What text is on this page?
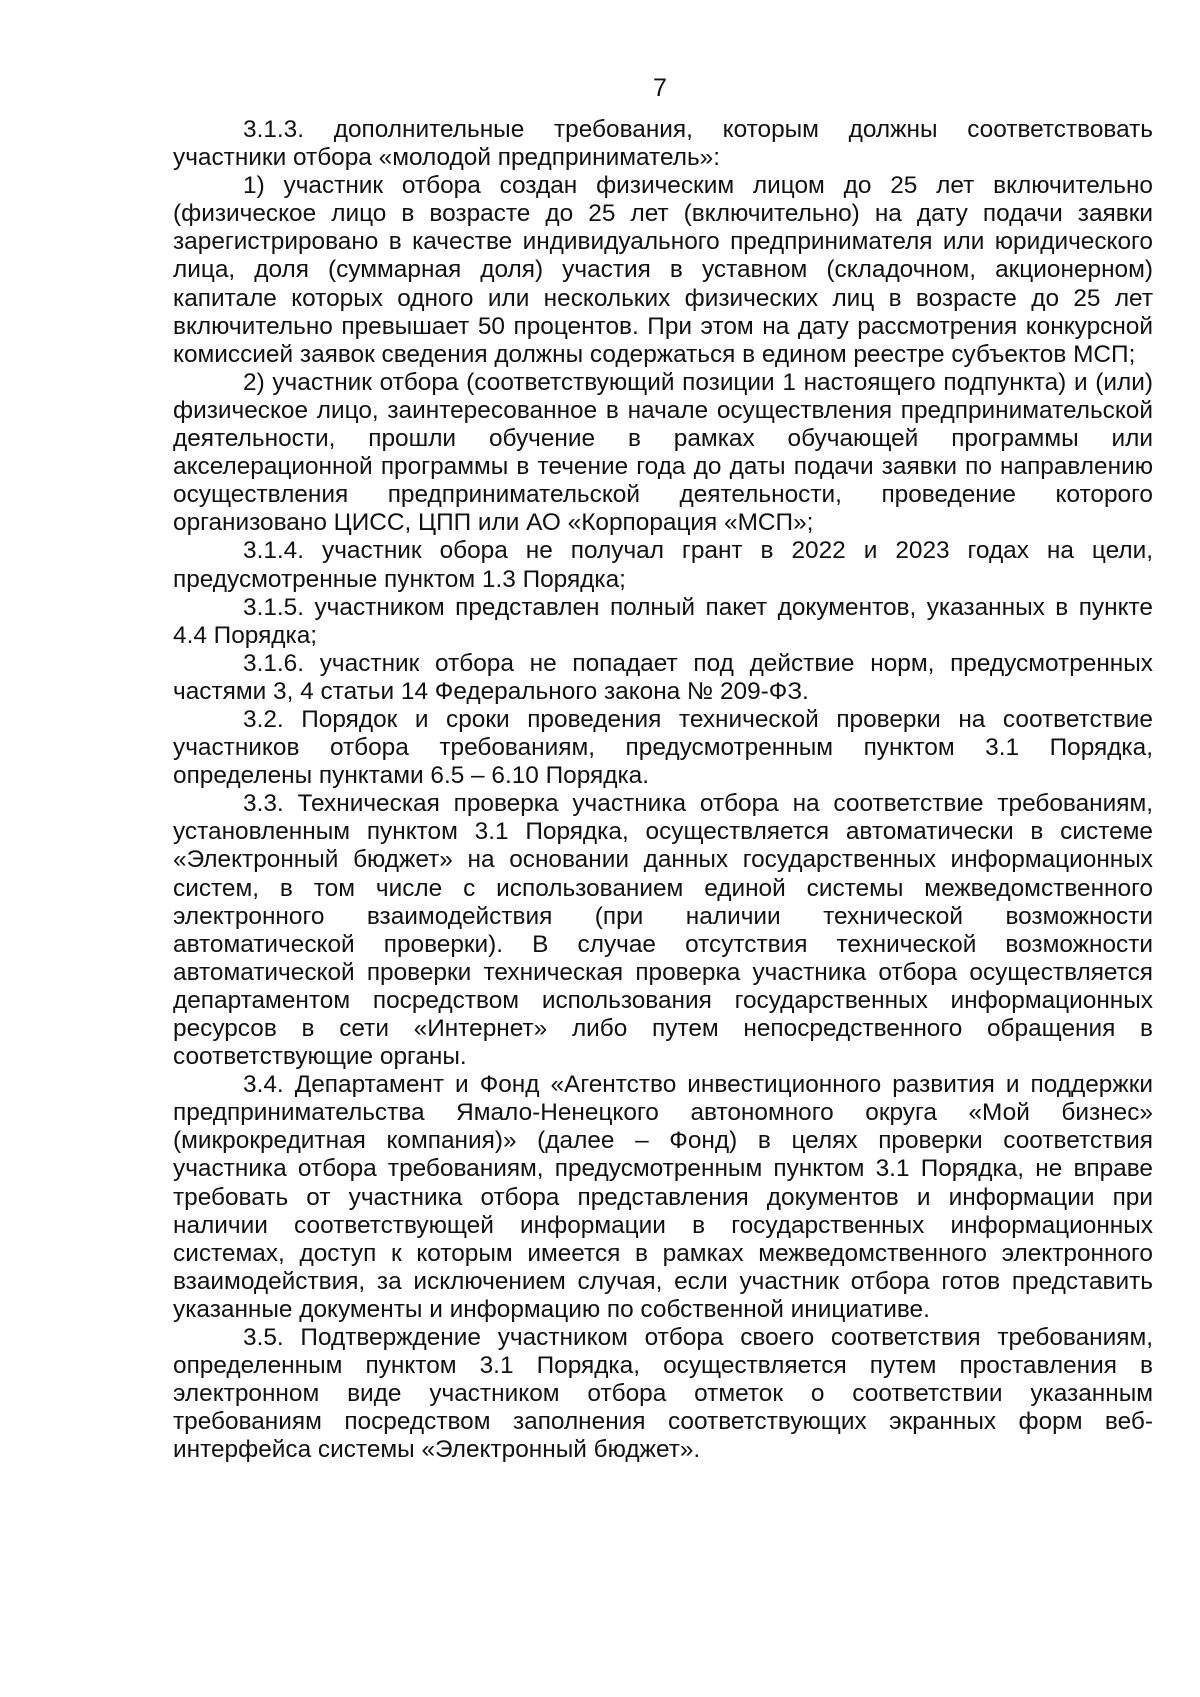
7

3.1.3. дополнительные требования, которым должны соответствовать участники отбора «молодой предприниматель»:

1) участник отбора создан физическим лицом до 25 лет включительно (физическое лицо в возрасте до 25 лет (включительно) на дату подачи заявки зарегистрировано в качестве индивидуального предпринимателя или юридического лица, доля (суммарная доля) участия в уставном (складочном, акционерном) капитале которых одного или нескольких физических лиц в возрасте до 25 лет включительно превышает 50 процентов. При этом на дату рассмотрения конкурсной комиссией заявок сведения должны содержаться в едином реестре субъектов МСП;

2) участник отбора (соответствующий позиции 1 настоящего подпункта) и (или) физическое лицо, заинтересованное в начале осуществления предпринимательской деятельности, прошли обучение в рамках обучающей программы или акселерационной программы в течение года до даты подачи заявки по направлению осуществления предпринимательской деятельности, проведение которого организовано ЦИСС, ЦПП или АО «Корпорация «МСП»;

3.1.4. участник обора не получал грант в 2022 и 2023 годах на цели, предусмотренные пунктом 1.3 Порядка;

3.1.5. участником представлен полный пакет документов, указанных в пункте 4.4 Порядка;

3.1.6. участник отбора не попадает под действие норм, предусмотренных частями 3, 4 статьи 14 Федерального закона № 209-ФЗ.

3.2. Порядок и сроки проведения технической проверки на соответствие участников отбора требованиям, предусмотренным пунктом 3.1 Порядка, определены пунктами 6.5 – 6.10 Порядка.

3.3. Техническая проверка участника отбора на соответствие требованиям, установленным пунктом 3.1 Порядка, осуществляется автоматически в системе «Электронный бюджет» на основании данных государственных информационных систем, в том числе с использованием единой системы межведомственного электронного взаимодействия (при наличии технической возможности автоматической проверки). В случае отсутствия технической возможности автоматической проверки техническая проверка участника отбора осуществляется департаментом посредством использования государственных информационных ресурсов в сети «Интернет» либо путем непосредственного обращения в соответствующие органы.

3.4. Департамент и Фонд «Агентство инвестиционного развития и поддержки предпринимательства Ямало-Ненецкого автономного округа «Мой бизнес» (микрокредитная компания)» (далее – Фонд) в целях проверки соответствия участника отбора требованиям, предусмотренным пунктом 3.1 Порядка, не вправе требовать от участника отбора представления документов и информации при наличии соответствующей информации в государственных информационных системах, доступ к которым имеется в рамках межведомственного электронного взаимодействия, за исключением случая, если участник отбора готов представить указанные документы и информацию по собственной инициативе.

3.5. Подтверждение участником отбора своего соответствия требованиям, определенным пунктом 3.1 Порядка, осуществляется путем проставления в электронном виде участником отбора отметок о соответствии указанным требованиям посредством заполнения соответствующих экранных форм веб-интерфейса системы «Электронный бюджет».
